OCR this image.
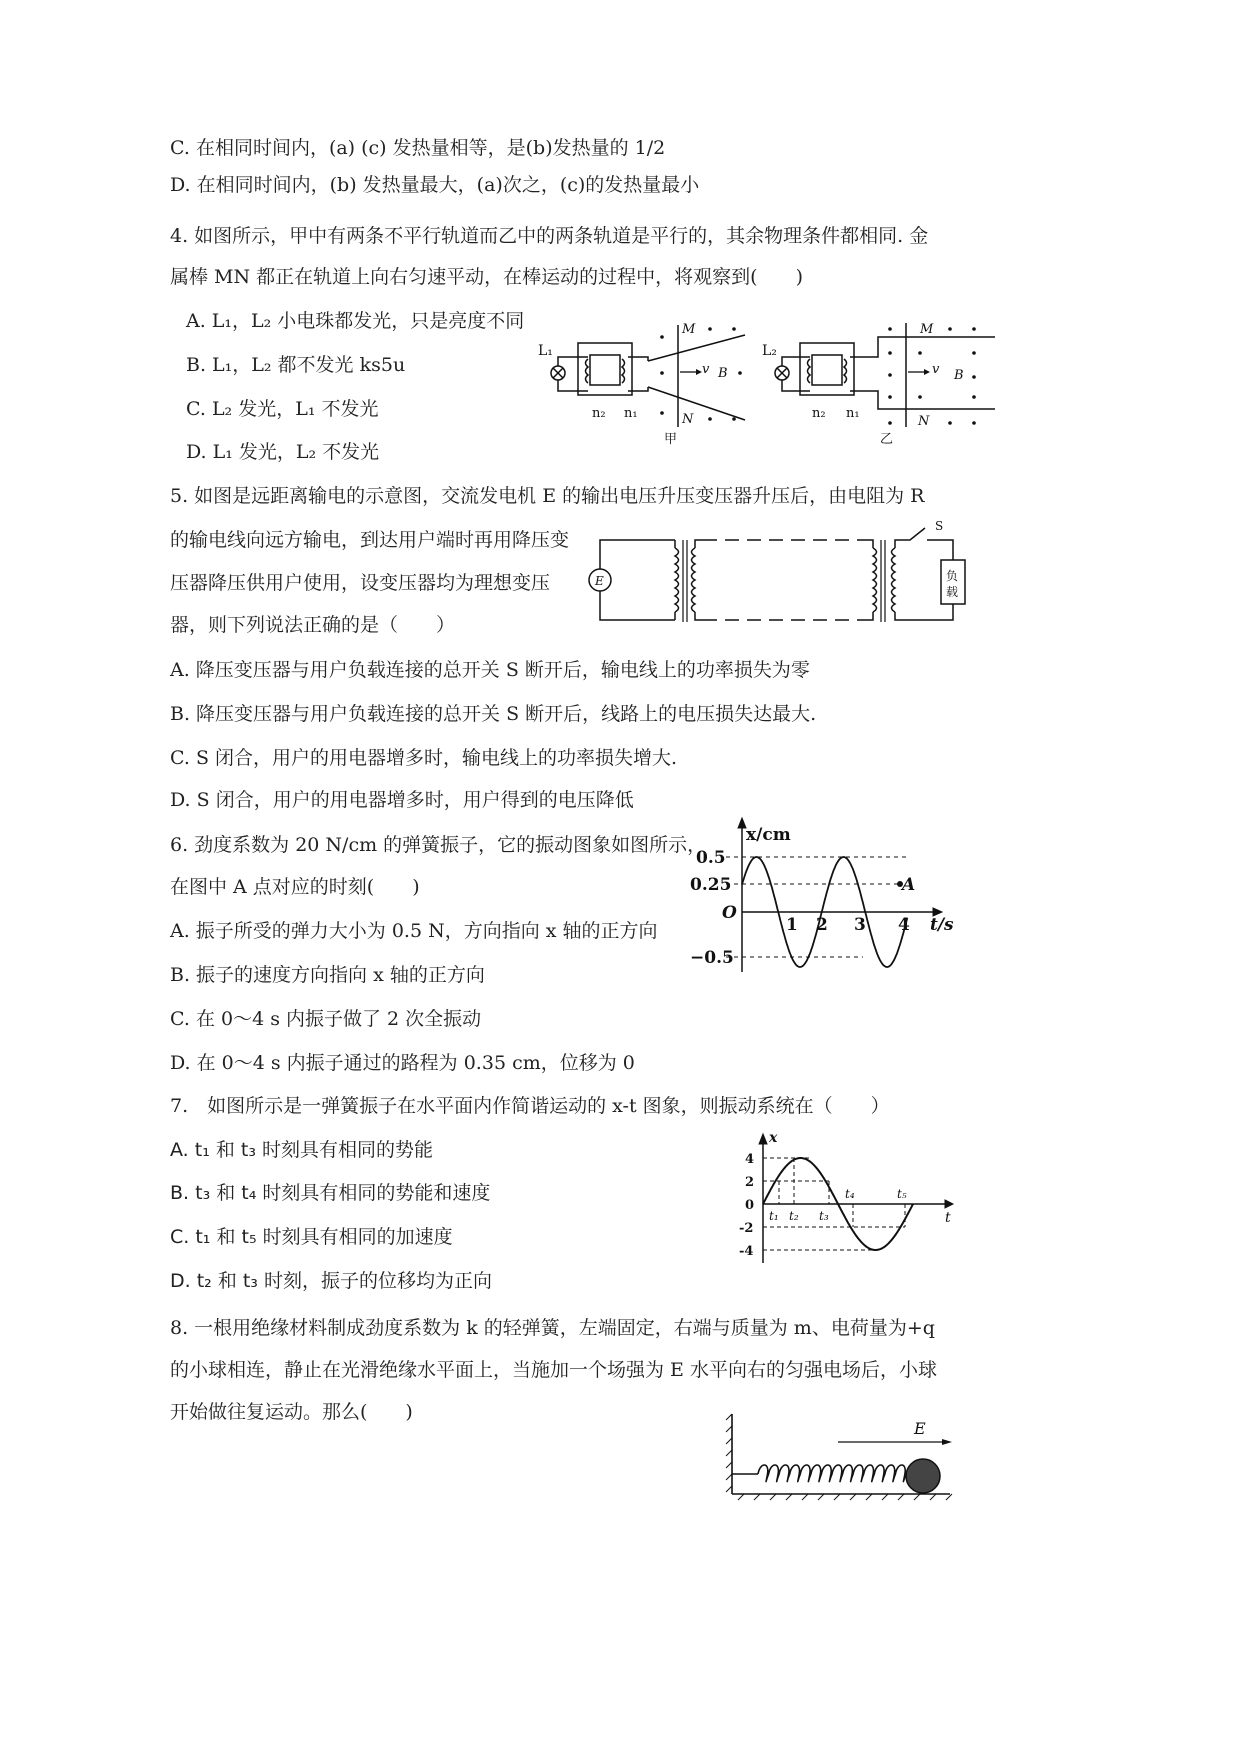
C. 在相同时间内，(a) (c) 发热量相等，是(b)发热量的 1/2
D. 在相同时间内，(b) 发热量最大，(a)次之，(c)的发热量最小
4. 如图所示，甲中有两条不平行轨道而乙中的两条轨道是平行的，其余物理条件都相同. 金
属棒 MN 都正在轨道上向右匀速平动，在棒运动的过程中，将观察到(　　)
A. L₁，L₂ 小电珠都发光，只是亮度不同
B. L₁，L₂ 都不发光 ks5u
C. L₂ 发光，L₁ 不发光
D. L₁ 发光，L₂ 不发光
L₁
n₂ n₁
M
N
v B
甲
L₂
n₂ n₁
M
N
v B
乙
5. 如图是远距离输电的示意图，交流发电机 E 的输出电压升压变压器升压后，由电阻为 R
的输电线向远方输电，到达用户端时再用降压变
压器降压供用户使用，设变压器均为理想变压
器，则下列说法正确的是（　　）
E
S
负
载
A. 降压变压器与用户负载连接的总开关 S 断开后，输电线上的功率损失为零
B. 降压变压器与用户负载连接的总开关 S 断开后，线路上的电压损失达最大.
C. S 闭合，用户的用电器增多时，输电线上的功率损失增大.
D. S 闭合，用户的用电器增多时，用户得到的电压降低
6. 劲度系数为 20 N/cm 的弹簧振子，它的振动图象如图所示，
在图中 A 点对应的时刻(　　)
A. 振子所受的弹力大小为 0.5 N，方向指向 x 轴的正方向
B. 振子的速度方向指向 x 轴的正方向
C. 在 0～4 s 内振子做了 2 次全振动
D. 在 0～4 s 内振子通过的路程为 0.35 cm，位移为 0
A
x/cm
t/s
O
0.5
0.25
−0.5
1 2 3 4
7.　如图所示是一弹簧振子在水平面内作简谐运动的 x-t 图象，则振动系统在（　　）
A. t₁ 和 t₃ 时刻具有相同的势能
B. t₃ 和 t₄ 时刻具有相同的势能和速度
C. t₁ 和 t₅ 时刻具有相同的加速度
D. t₂ 和 t₃ 时刻，振子的位移均为正向
x
t
4
2
0
-2
-4
t₁ t₂ t₃
t₄	t₅
8. 一根用绝缘材料制成劲度系数为 k 的轻弹簧，左端固定，右端与质量为 m、电荷量为+q
的小球相连，静止在光滑绝缘水平面上，当施加一个场强为 E 水平向右的匀强电场后，小球
开始做往复运动。那么(　　)
E
